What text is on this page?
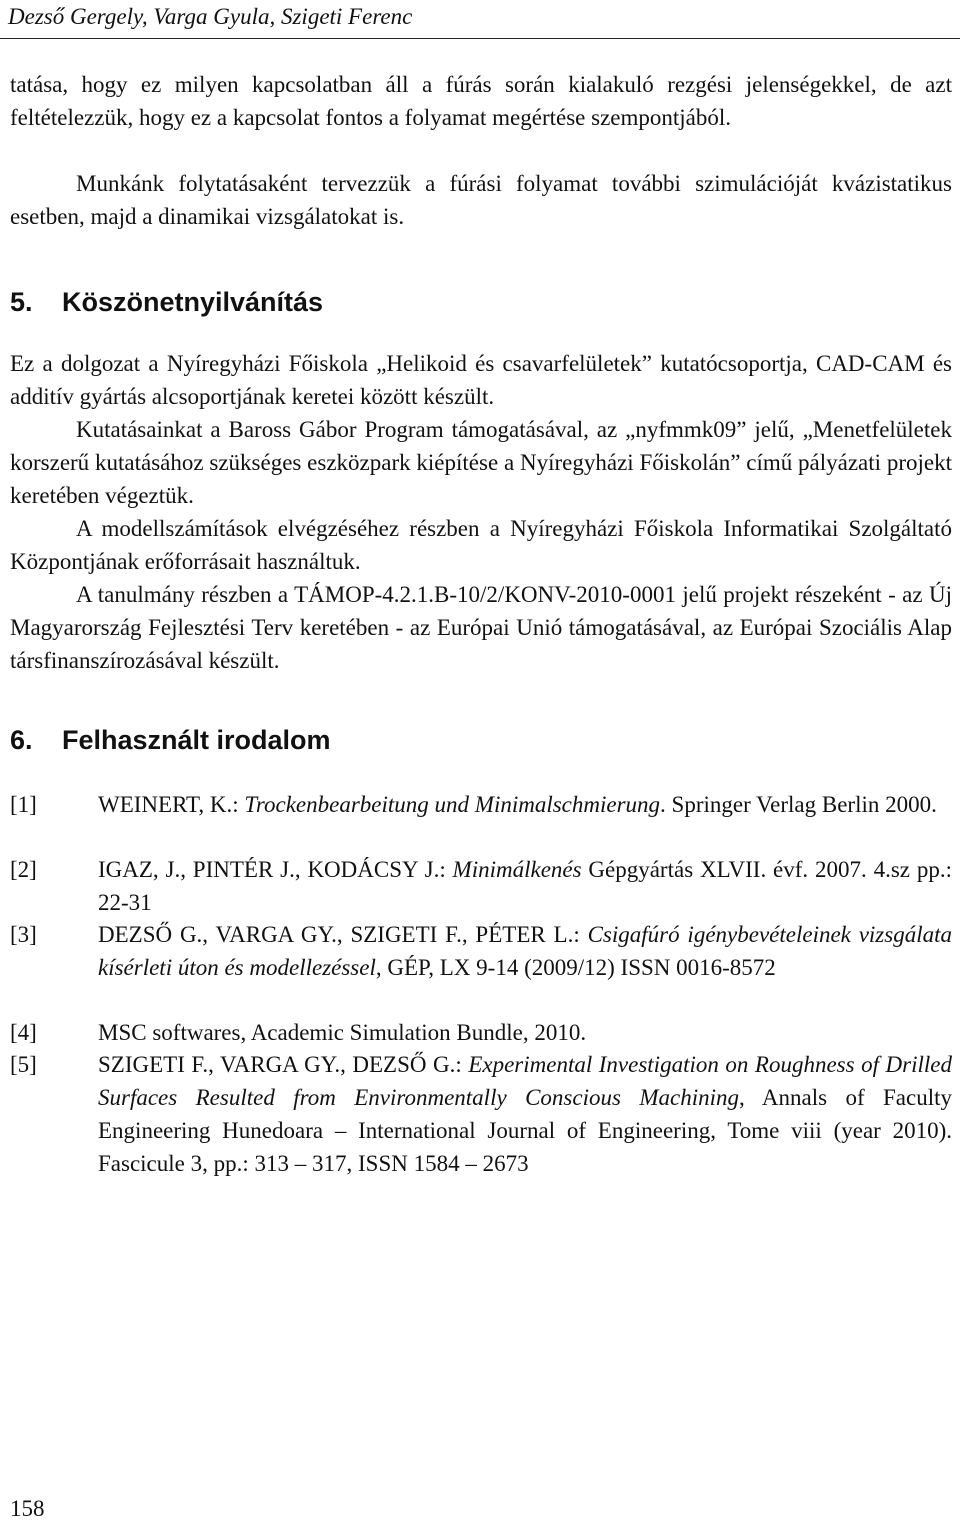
Dezső Gergely, Varga Gyula, Szigeti Ferenc
tatása, hogy ez milyen kapcsolatban áll a fúrás során kialakuló rezgési jelenségekkel, de azt feltételezzük, hogy ez a kapcsolat fontos a folyamat megértése szempontjából.
Munkánk folytatásaként tervezzük a fúrási folyamat további szimulációját kvázistatikus esetben, majd a dinamikai vizsgálatokat is.
5. Köszönetnyilvánítás
Ez a dolgozat a Nyíregyházi Főiskola „Helikoid és csavarfelületek” kutatócsoportja, CAD-CAM és additív gyártás alcsoportjának keretei között készült.
Kutatásainkat a Baross Gábor Program támogatásával, az „nyfmmk09” jelű, „Menetfelületek korszerű kutatásához szükséges eszközpark kiépítése a Nyíregyházi Főiskolán” című pályázati projekt keretében végeztük.
A modellszámítások elvégzéséhez részben a Nyíregyházi Főiskola Informatikai Szolgáltató Központjának erőforrásait használtuk.
A tanulmány részben a TÁMOP-4.2.1.B-10/2/KONV-2010-0001 jelű projekt részeként - az Új Magyarország Fejlesztési Terv keretében - az Európai Unió támogatásával, az Európai Szociális Alap társfinanszírozásával készült.
6. Felhasznált irodalom
[1]	WEINERT, K.: Trockenbearbeitung und Minimalschmierung. Springer Verlag Berlin 2000.
[2]	IGAZ, J., PINTÉR J., KODÁCSY J.: Minimálkenés Gépgyártás XLVII. évf. 2007. 4.sz pp.: 22-31
[3]	DEZSŐ G., VARGA GY., SZIGETI F., PÉTER L.: Csigafúró igénybevételeinek vizsgálata kísérleti úton és modellezéssel, GÉP, LX 9-14 (2009/12) ISSN 0016-8572
[4]	MSC softwares, Academic Simulation Bundle, 2010.
[5]	SZIGETI F., VARGA GY., DEZSŐ G.: Experimental Investigation on Roughness of Drilled Surfaces Resulted from Environmentally Conscious Machining, Annals of Faculty Engineering Hunedoara – International Journal of Engineering, Tome viii (year 2010). Fascicule 3, pp.: 313 – 317, ISSN 1584 – 2673
158
